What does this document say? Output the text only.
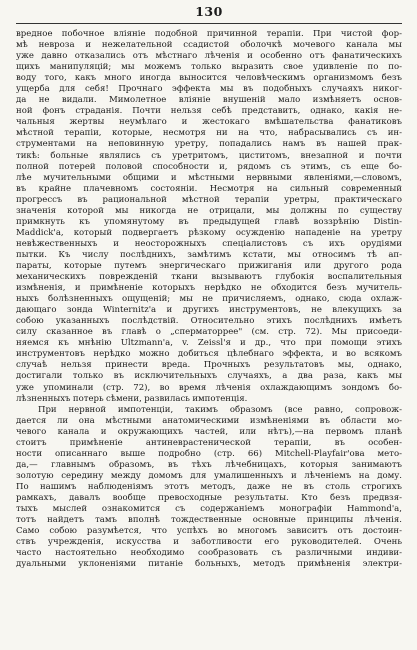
130
вредное побочное вліяніе подобной причинной терапіи. При чистой фор-
мѣ невроза и нежелательной ссадистой оболочкѣ мочевого канала мы
уже давно отказались отъ мѣстнаго лѣченія и особенно отъ фанатическихъ
щихъ манипуляцій; мы можемъ только выразить свое удивленіе по по-
воду того, какъ много иногда выносится человѣческимъ организмомъ безъ
ущерба для себя! Прочнаго эффекта мы въ подобныхъ случаяхъ никог-
да не видали. Мимолетное вліяніе внушеній мало измѣняетъ основ-
ной фонъ страданія. Почти нельзя себѣ представить, однако, какія не-
чальныя жертвы неумѣлаго и жестокаго вмѣшательства фанатиковъ
мѣстной терапіи, которые, несмотря ни на что, набрасывались съ ин-
струментами на неповинную уретру, попадались намъ въ нашей прак-
тикѣ: больные являлись съ уретритомъ, циститомъ, внезапной и почти
полной потерей половой способности и, рядомъ съ этимъ, съ еще бо-
лѣе мучительными общими и мѣстными нервными явленіями,—словомъ,
въ крайне плачевномъ состояніи. Несмотря на сильный современный
прогрессъ въ рациональной мѣстной терапіи уретры, практическаго
значенія которой мы никогда не отрицали, мы должны по существу
примкнуть къ упомянутому въ предыдущей главѣ воззрѣнію Distin-
Maddick'a, который подвергаетъ рѣзкому осужденію нападеніе на уретру
невѣжественныхъ и неосторожныхъ спеціалистовъ съ ихъ орудіями
пытки. Къ числу послѣднихъ, замѣтимъ кстати, мы относимъ тѣ ап-
параты, которые путемъ энергическаго прижиганія или другого рода
механическихъ поврежденій ткани вызываютъ глубокія воспалительныя
измѣненія, и примѣненіе которыхъ нерѣдко не обходится безъ мучитель-
ныхъ болѣзненныхъ ощущеній; мы не причисляемъ, однако, сюда охлаж-
дающаго зонда Winternitz'a и другихъ инструментовъ, не влекущихъ за
собою указанныхъ послѣдствій. Относительно этихъ послѣднихъ имѣетъ
силу сказанное въ главѣ о „сперматоррее" (см. стр. 72). Мы присоеди-
няемся къ мнѣнію Ultzmann'a, v. Zeissl'я и др., что при помощи этихъ
инструментовъ нерѣдко можно добиться цѣлебнаго эффекта, и во всякомъ
случаѣ нельзя принести вреда. Прочныхъ результатовъ мы, однако,
достигали только въ исключительныхъ случаяхъ, а два раза, какъ мы
уже упоминали (стр. 72), во время лѣченія охлаждающимъ зондомъ бо-
лѣзненныхъ потерь сѣмени, развилась импотенція.
При нервной импотенціи, такимъ образомъ (все равно, сопровож-
дается ли она мѣстными анатомическими измѣненіями въ области мо-
чевого канала и окружающихъ частей, или нѣтъ),—на первомъ планѣ
стоитъ примѣненіе антиневрастенической терапіи, въ особен-
ности описаннаго выше подробно (стр. 66) Mitchell-Playfair'oва мето-
да,— главнымъ образомъ, въ тѣхъ лѣчебницахъ, которыя занимаютъ
золотую середину между домомъ для умалишенныхъ и лѣченіемъ на дому.
По нашимъ наблюденіямъ этотъ методъ, даже не въ столь строгихъ
рамкахъ, давалъ вообще превосходные результаты. Кто безъ предвзя-
тыхъ мыслей ознакомится съ содержаніемъ монографіи Hammond'a,
тотъ найдетъ тамъ вполнѣ тождественные основные принципы лѣченія.
Само собою разумѣется, что успѣхъ во многомъ зависитъ отъ достоин-
ствъ учрежденія, искусства и заботливости его руководителей. Очень
часто настоятельно необходимо сообразовать съ различными индиви-
дуальными уклоненіями питаніе больныхъ, методъ примѣненія электри-
